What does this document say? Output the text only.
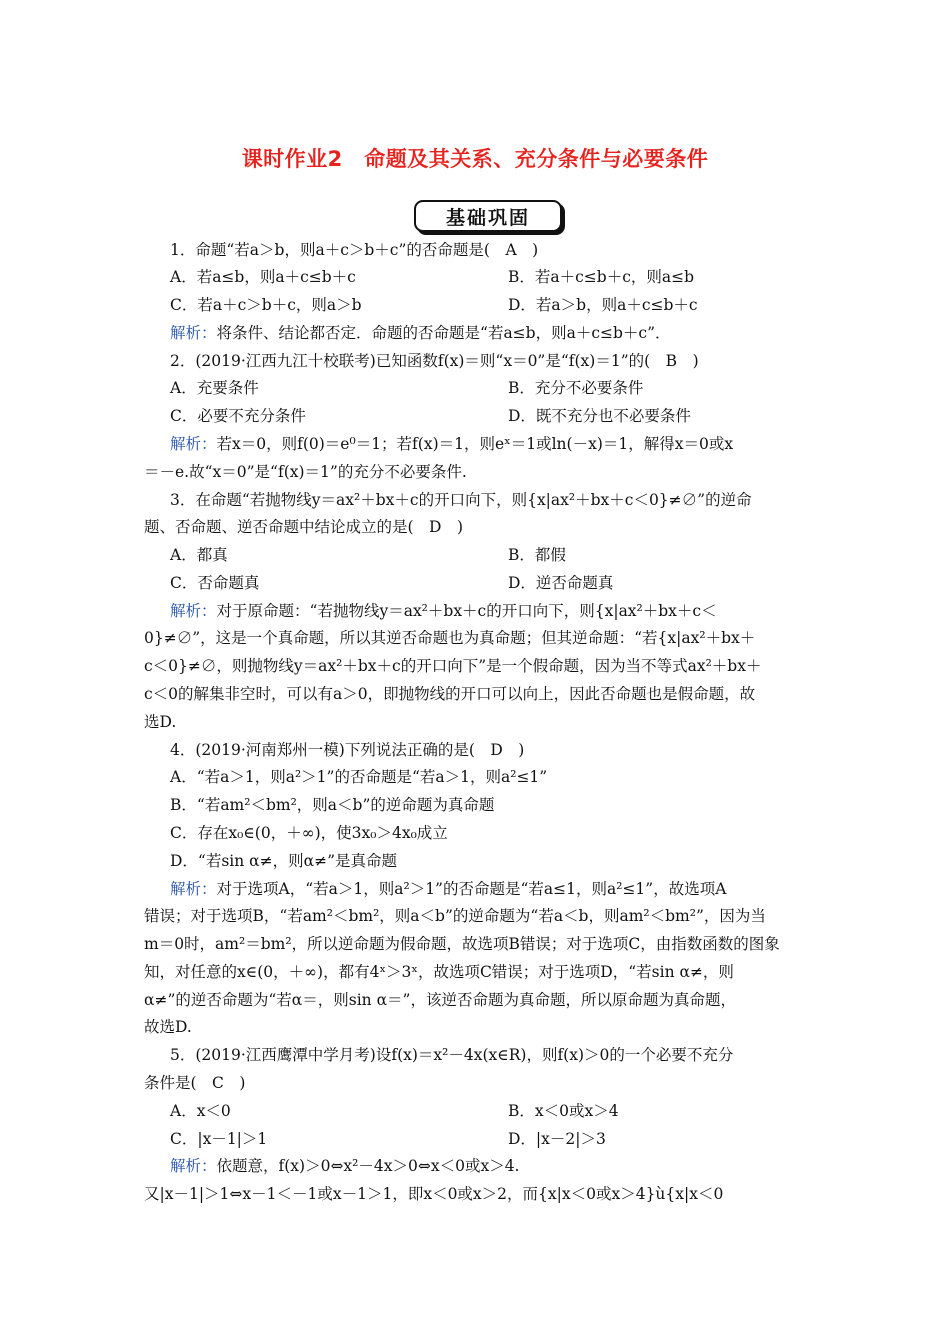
课时作业2　命题及其关系、充分条件与必要条件
基础巩固
1．命题“若a＞b，则a＋c＞b＋c”的否命题是(　A　)
A．若a≤b，则a＋c≤b＋c	B．若a＋c≤b＋c，则a≤b
C．若a＋c＞b＋c，则a＞b	D．若a＞b，则a＋c≤b＋c
解析：将条件、结论都否定．命题的否命题是“若a≤b，则a＋c≤b＋c”．
2．(2019·江西九江十校联考)已知函数f(x)＝则“x＝0”是“f(x)＝1”的(　B　)
A．充要条件	B．充分不必要条件
C．必要不充分条件	D．既不充分也不必要条件
解析：若x＝0，则f(0)＝e⁰＝1；若f(x)＝1，则eˣ＝1或ln(－x)＝1，解得x＝0或x
＝－e.故“x＝0”是“f(x)＝1”的充分不必要条件.
3．在命题“若抛物线y＝ax²＋bx＋c的开口向下，则{x|ax²＋bx＋c＜0}≠∅”的逆命
题、否命题、逆否命题中结论成立的是(　D　)
A．都真	B．都假
C．否命题真	D．逆否命题真
解析：对于原命题：“若抛物线y＝ax²＋bx＋c的开口向下，则{x|ax²＋bx＋c＜
0}≠∅”，这是一个真命题，所以其逆否命题也为真命题；但其逆命题：“若{x|ax²＋bx＋
c＜0}≠∅，则抛物线y＝ax²＋bx＋c的开口向下”是一个假命题，因为当不等式ax²＋bx＋
c＜0的解集非空时，可以有a＞0，即抛物线的开口可以向上，因此否命题也是假命题，故
选D.
4．(2019·河南郑州一模)下列说法正确的是(　D　)
A．“若a＞1，则a²＞1”的否命题是“若a＞1，则a²≤1”
B．“若am²＜bm²，则a＜b”的逆命题为真命题
C．存在x₀∈(0，＋∞)，使3x₀＞4x₀成立
D．“若sin α≠，则α≠”是真命题
解析：对于选项A，“若a＞1，则a²＞1”的否命题是“若a≤1，则a²≤1”，故选项A
错误；对于选项B，“若am²＜bm²，则a＜b”的逆命题为“若a＜b，则am²＜bm²”，因为当
m＝0时，am²＝bm²，所以逆命题为假命题，故选项B错误；对于选项C，由指数函数的图象
知，对任意的x∈(0，＋∞)，都有4ˣ＞3ˣ，故选项C错误；对于选项D，“若sin α≠，则
α≠”的逆否命题为“若α＝，则sin α＝”，该逆否命题为真命题，所以原命题为真命题，
故选D.
5．(2019·江西鹰潭中学月考)设f(x)＝x²－4x(x∈R)，则f(x)＞0的一个必要不充分
条件是(　C　)
A．x＜0	B．x＜0或x＞4
C．|x－1|＞1	D．|x－2|＞3
解析：依题意，f(x)＞0⇔x²－4x＞0⇔x＜0或x＞4.
又|x－1|＞1⇔x－1＜－1或x－1＞1，即x＜0或x＞2，而{x|x＜0或x＞4}ù{x|x＜0
